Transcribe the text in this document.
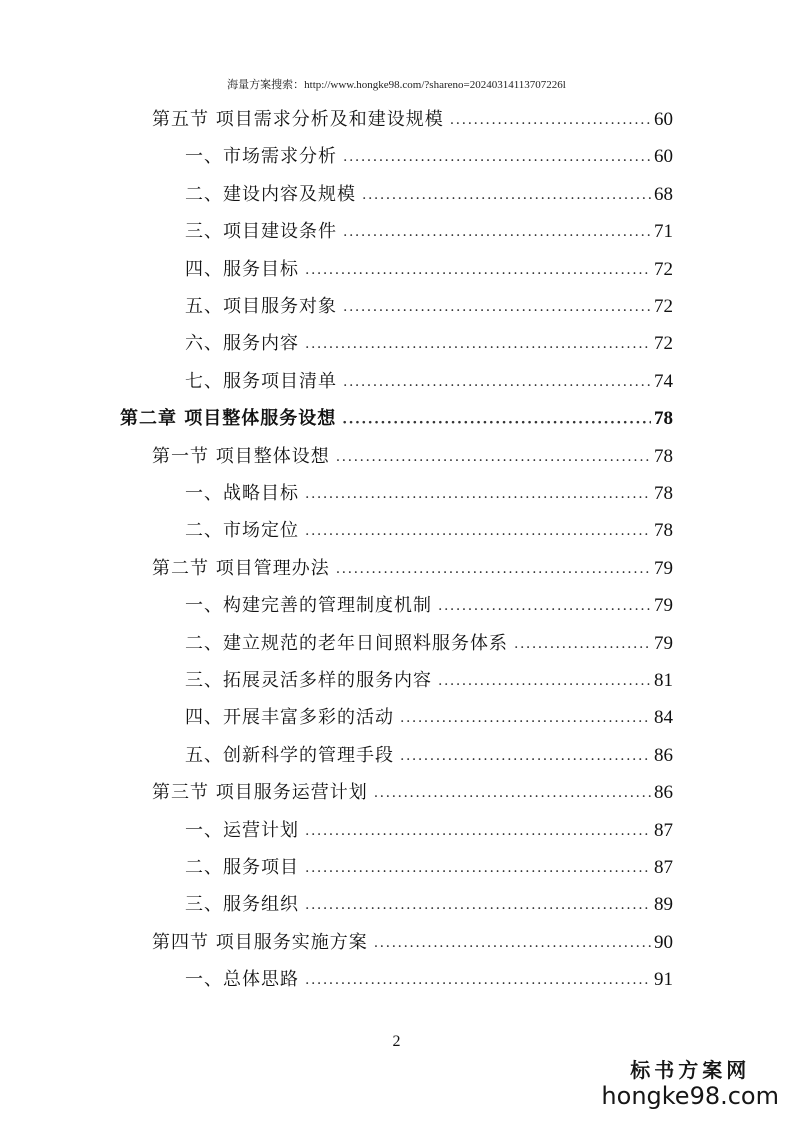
海量方案搜索：http://www.hongke98.com/?shareno=20240314113707226l
第五节 项目需求分析及和建设规模 ·····	60
一、市场需求分析 ·····	60
二、建设内容及规模 ·····	68
三、项目建设条件 ·····	71
四、服务目标 ·····	72
五、项目服务对象 ·····	72
六、服务内容 ·····	72
七、服务项目清单 ·····	74
第二章 项目整体服务设想 ·····	78
第一节 项目整体设想 ·····	78
一、战略目标 ·····	78
二、市场定位 ·····	78
第二节 项目管理办法 ·····	79
一、构建完善的管理制度机制 ·····	79
二、建立规范的老年日间照料服务体系 ·····	79
三、拓展灵活多样的服务内容 ·····	81
四、开展丰富多彩的活动 ·····	84
五、创新科学的管理手段 ·····	86
第三节 项目服务运营计划 ·····	86
一、运营计划 ·····	87
二、服务项目 ·····	87
三、服务组织 ·····	89
第四节 项目服务实施方案 ·····	90
一、总体思路 ·····	91
2
标书方案网
hongke98.com
